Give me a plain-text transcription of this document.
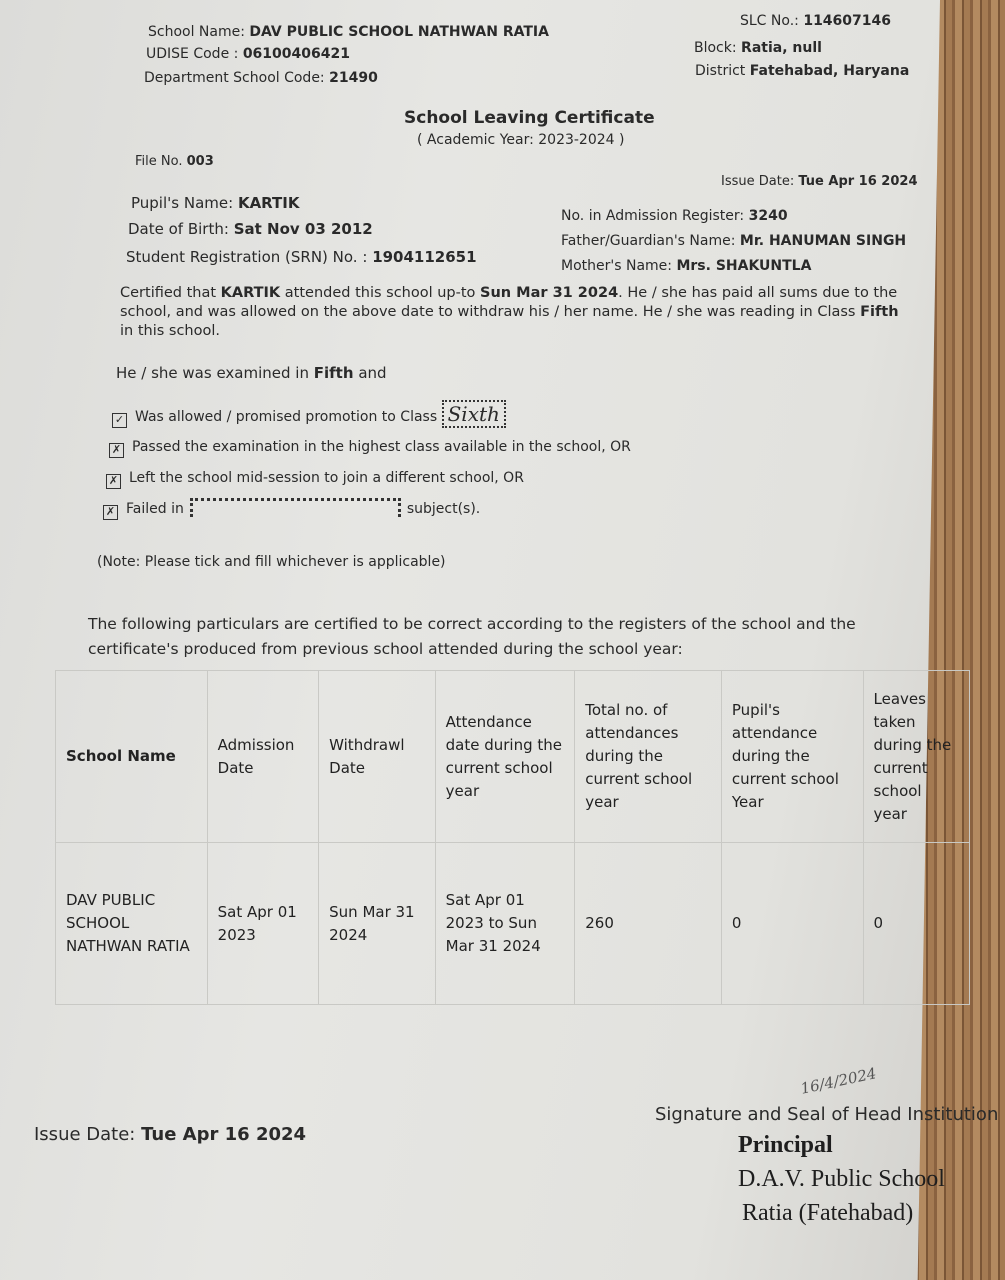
School Name: DAV PUBLIC SCHOOL NATHWAN RATIA
UDISE Code : 06100406421
Department School Code: 21490
SLC No.: 114607146
Block: Ratia, null
District Fatehabad, Haryana
School Leaving Certificate
( Academic Year: 2023-2024 )
File No. 003
Issue Date: Tue Apr 16 2024
Pupil's Name: KARTIK
Date of Birth: Sat Nov 03 2012
Student Registration (SRN) No. : 1904112651
No. in Admission Register: 3240
Father/Guardian's Name: Mr. HANUMAN SINGH
Mother's Name: Mrs. SHAKUNTLA
Certified that KARTIK attended this school up-to Sun Mar 31 2024. He / she has paid all sums due to the school, and was allowed on the above date to withdraw his / her name. He / she was reading in Class Fifth in this school.
He / she was examined in Fifth and
✓ Was allowed / promised promotion to Class Sixth
✗ Passed the examination in the highest class available in the school, OR
✗ Left the school mid-session to join a different school, OR
✗ Failed in	subject(s).
(Note: Please tick and fill whichever is applicable)
The following particulars are certified to be correct according to the registers of the school and the certificate's produced from previous school attended during the school year:
School Name	Admission Date	Withdrawl Date	Attendance date during the current school year	Total no. of attendances during the current school year	Pupil's attendance during the current school Year	Leaves taken during the current school year
DAV PUBLIC SCHOOL NATHWAN RATIA	Sat Apr 01 2023	Sun Mar 31 2024	Sat Apr 01 2023 to Sun Mar 31 2024	260	0	0
Issue Date: Tue Apr 16 2024
16/4/2024
Signature and Seal of Head Institution
Principal
D.A.V. Public School
Ratia (Fatehabad)
